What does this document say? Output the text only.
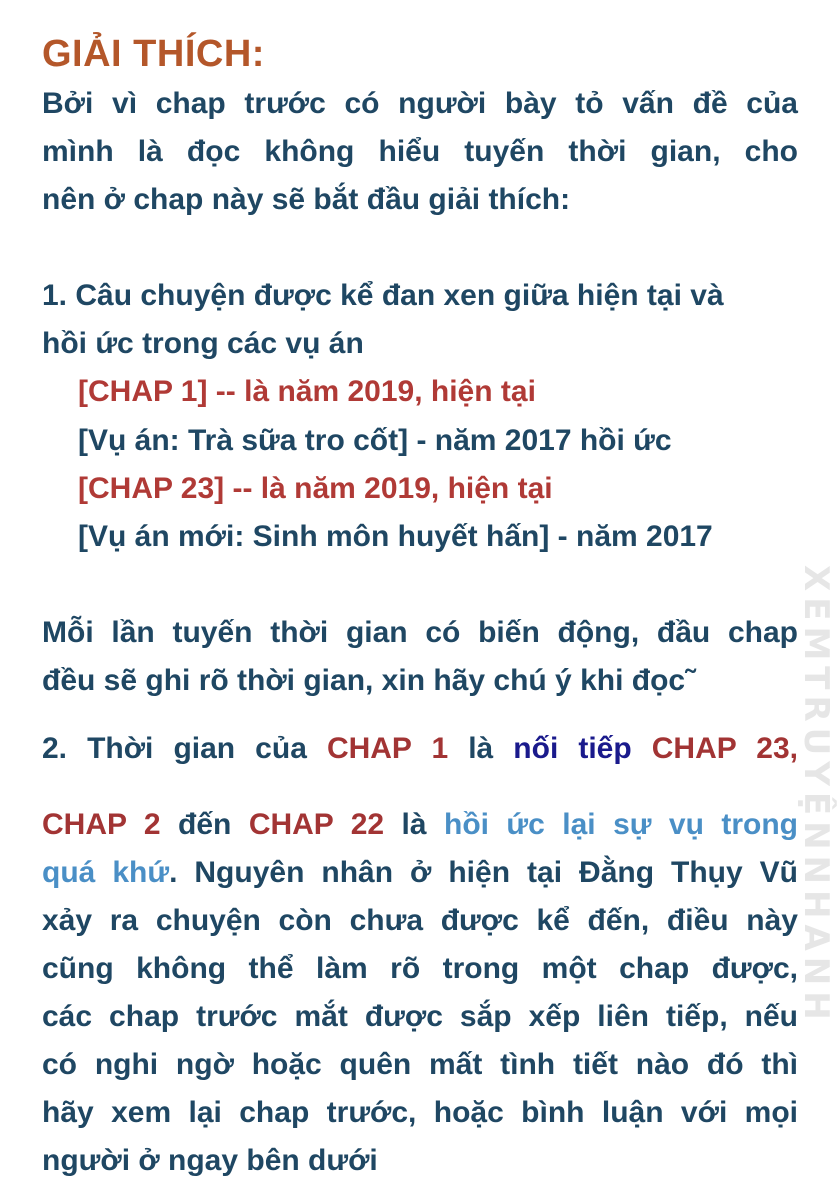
GIẢI THÍCH:
Bởi vì chap trước có người bày tỏ vấn đề của
mình là đọc không hiểu tuyến thời gian, cho
nên ở chap này sẽ bắt đầu giải thích:
1. Câu chuyện được kể đan xen giữa hiện tại và
hồi ức trong các vụ án
[CHAP 1] -- là năm 2019, hiện tại
[Vụ án: Trà sữa tro cốt] - năm 2017 hồi ức
[CHAP 23] -- là năm 2019, hiện tại
[Vụ án mới: Sinh môn huyết hấn] - năm 2017
Mỗi lần tuyến thời gian có biến động, đầu chap
đều sẽ ghi rõ thời gian, xin hãy chú ý khi đọc˜
2. Thời gian của CHAP 1 là nối tiếp CHAP 23,
CHAP 2 đến CHAP 22 là hồi ức lại sự vụ trong
quá khứ. Nguyên nhân ở hiện tại Đằng Thụy Vũ
xảy ra chuyện còn chưa được kể đến, điều này
cũng không thể làm rõ trong một chap được,
các chap trước mắt được sắp xếp liên tiếp, nếu
có nghi ngờ hoặc quên mất tình tiết nào đó thì
hãy xem lại chap trước, hoặc bình luận với mọi
người ở ngay bên dưới
XEMTRUYỆNNHANH
